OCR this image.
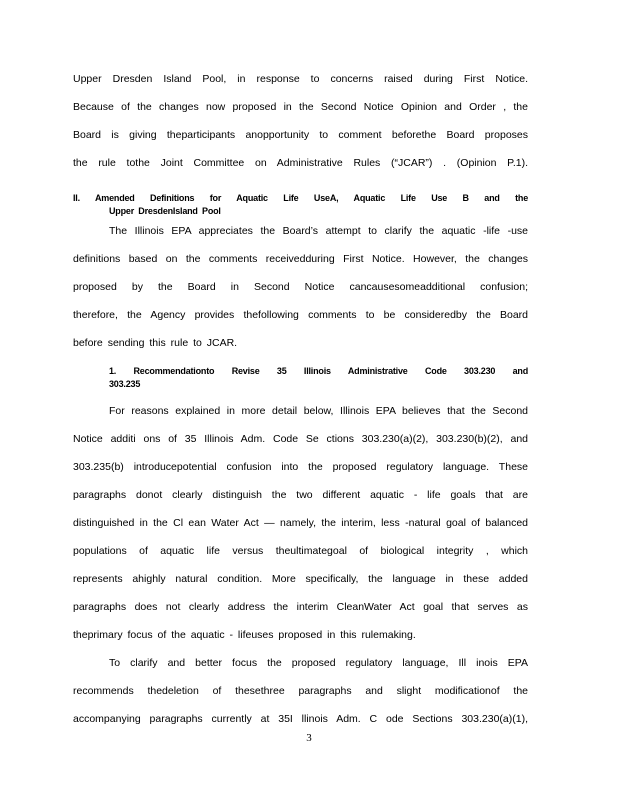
Upper Dresden Island Pool, in response to concerns raised during First Notice.
Because of the changes now proposed in the Second Notice Opinion and Order , the
Board is giving theparticipants anopportunity to comment beforethe Board proposes
the rule tothe Joint Committee on Administrative Rules (“JCAR”) . (Opinion P.1).
II. Amended Definitions for Aquatic Life UseA, Aquatic Life Use B and the
Upper DresdenIsland Pool
The Illinois EPA appreciates the Board’s attempt to clarify the aquatic -life -use
definitions based on the comments receivedduring First Notice. However, the changes
proposed by the Board in Second Notice cancausesomeadditional confusion;
therefore, the Agency provides thefollowing comments to be consideredby the Board
before sending this rule to JCAR.
1. Recommendationto Revise 35 Illinois Administrative Code 303.230 and
303.235
For reasons explained in more detail below, Illinois EPA believes that the Second
Notice additi ons of 35 Illinois Adm. Code Se ctions 303.230(a)(2), 303.230(b)(2), and
303.235(b) introducepotential confusion into the proposed regulatory language. These
paragraphs donot clearly distinguish the two different aquatic - life goals that are
distinguished in the Cl ean Water Act — namely, the interim, less -natural goal of balanced
populations of aquatic life versus theultimategoal of biological integrity , which
represents ahighly natural condition. More specifically, the language in these added
paragraphs does not clearly address the interim CleanWater Act goal that serves as
theprimary focus of the aquatic - lifeuses proposed in this rulemaking.
To clarify and better focus the proposed regulatory language, Ill inois EPA
recommends thedeletion of thesethree paragraphs and slight modificationof the
accompanying paragraphs currently at 35I llinois Adm. C ode Sections 303.230(a)(1),
3
